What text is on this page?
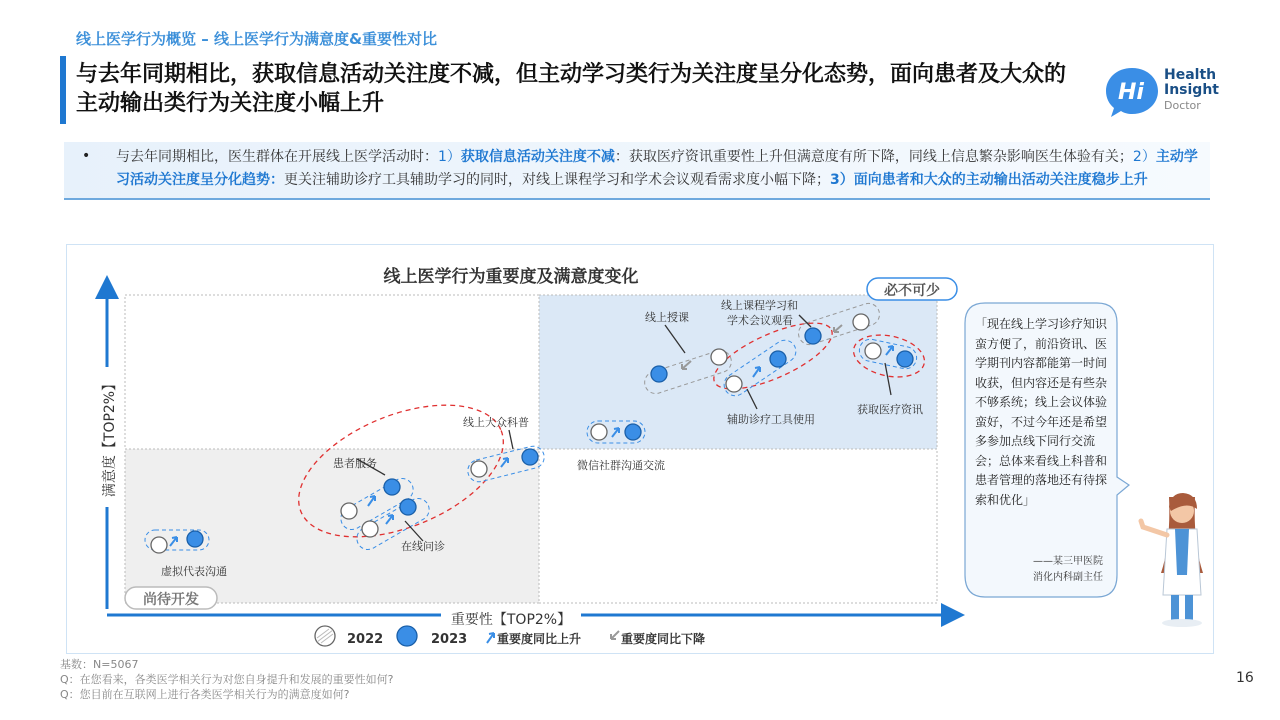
线上医学行为概览 – 线上医学行为满意度&重要性对比
与去年同期相比，获取信息活动关注度不减，但主动学习类行为关注度呈分化态势，面向患者及大众的主动输出类行为关注度小幅上升	Hi
Health
Insight
Doctor
• 与去年同期相比，医生群体在开展线上医学活动时：1）获取信息活动关注度不减：获取医疗资讯重要性上升但满意度有所下降，同线上信息繁杂影响医生体验有关；2）主动学习活动关注度呈分化趋势：更关注辅助诊疗工具辅助学习的同时，对线上课程学习和学术会议观看需求度小幅下降；3）面向患者和大众的主动输出活动关注度稳步上升

满意度【TOP2%】
重要性【TOP2%】
线上医学行为重要度及满意度变化
必不可少
尚待开发
虚拟代表沟通
患者服务
在线问诊
线上大众科普
微信社群沟通交流
线上授课
线上课程学习和
学术会议观看
辅助诊疗工具使用
获取医疗资讯
2022	2023 重要度同比上升	重要度同比下降
「现在线上学习诊疗知识蛮方便了，前沿资讯、医学期刊内容都能第一时间收获，但内容还是有些杂不够系统；线上会议体验蛮好，不过今年还是希望多参加点线下同行交流会；总体来看线上科普和患者管理的落地还有待探索和优化」
——某三甲医院
消化内科副主任
基数：N=5067
Q：在您看来，各类医学相关行为对您自身提升和发展的重要性如何?
Q：您目前在互联网上进行各类医学相关行为的满意度如何?
16
